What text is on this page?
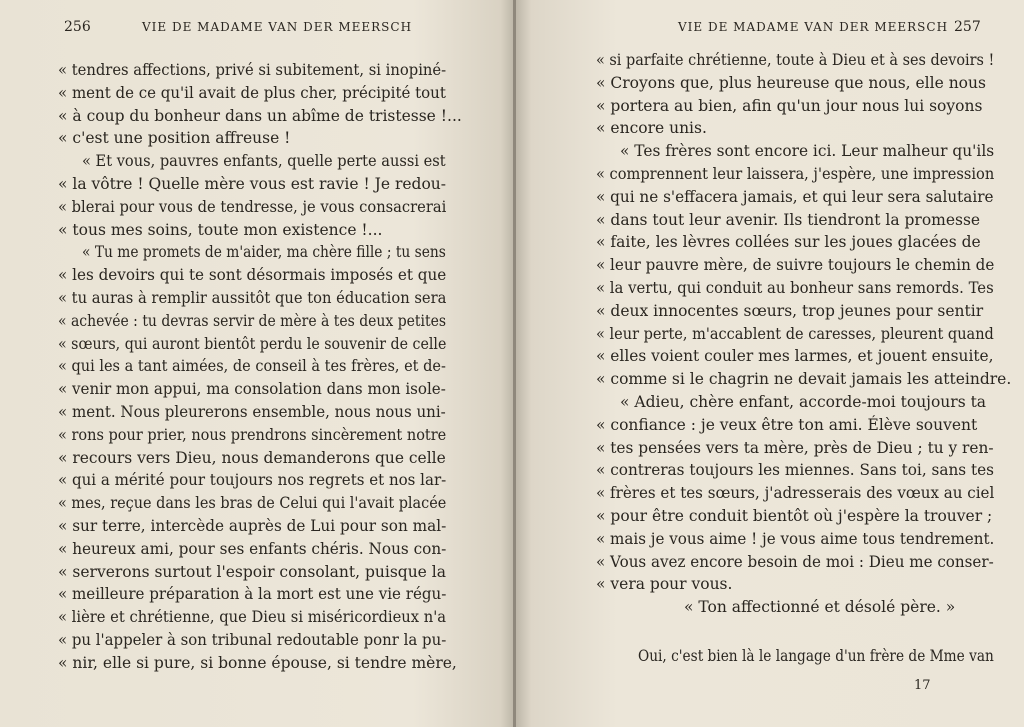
256	VIE DE MADAME VAN DER MEERSCH
« tendres affections, privé si subitement, si inopiné-
« ment de ce qu'il avait de plus cher, précipité tout
« à coup du bonheur dans un abîme de tristesse !...
« c'est une position affreuse !
« Et vous, pauvres enfants, quelle perte aussi est
« la vôtre ! Quelle mère vous est ravie ! Je redou-
« blerai pour vous de tendresse, je vous consacrerai
« tous mes soins, toute mon existence !...
« Tu me promets de m'aider, ma chère fille ; tu sens
« les devoirs qui te sont désormais imposés et que
« tu auras à remplir aussitôt que ton éducation sera
« achevée : tu devras servir de mère à tes deux petites
« sœurs, qui auront bientôt perdu le souvenir de celle
« qui les a tant aimées, de conseil à tes frères, et de-
« venir mon appui, ma consolation dans mon isole-
« ment. Nous pleurerons ensemble, nous nous uni-
« rons pour prier, nous prendrons sincèrement notre
« recours vers Dieu, nous demanderons que celle
« qui a mérité pour toujours nos regrets et nos lar-
« mes, reçue dans les bras de Celui qui l'avait placée
« sur terre, intercède auprès de Lui pour son mal-
« heureux ami, pour ses enfants chéris. Nous con-
« serverons surtout l'espoir consolant, puisque la
« meilleure préparation à la mort est une vie régu-
« lière et chrétienne, que Dieu si miséricordieux n'a
« pu l'appeler à son tribunal redoutable ponr la pu-
« nir, elle si pure, si bonne épouse, si tendre mère,
VIE DE MADAME VAN DER MEERSCH 257
« si parfaite chrétienne, toute à Dieu et à ses devoirs !
« Croyons que, plus heureuse que nous, elle nous
« portera au bien, afin qu'un jour nous lui soyons
« encore unis.
« Tes frères sont encore ici. Leur malheur qu'ils
« comprennent leur laissera, j'espère, une impression
« qui ne s'effacera jamais, et qui leur sera salutaire
« dans tout leur avenir. Ils tiendront la promesse
« faite, les lèvres collées sur les joues glacées de
« leur pauvre mère, de suivre toujours le chemin de
« la vertu, qui conduit au bonheur sans remords. Tes
« deux innocentes sœurs, trop jeunes pour sentir
« leur perte, m'accablent de caresses, pleurent quand
« elles voient couler mes larmes, et jouent ensuite,
« comme si le chagrin ne devait jamais les atteindre.
« Adieu, chère enfant, accorde-moi toujours ta
« confiance : je veux être ton ami. Élève souvent
« tes pensées vers ta mère, près de Dieu ; tu y ren-
« contreras toujours les miennes. Sans toi, sans tes
« frères et tes sœurs, j'adresserais des vœux au ciel
« pour être conduit bientôt où j'espère la trouver ;
« mais je vous aime ! je vous aime tous tendrement.
« Vous avez encore besoin de moi : Dieu me conser-
« vera pour vous.
« Ton affectionné et désolé père. »
Oui, c'est bien là le langage d'un frère de Mme van
17
